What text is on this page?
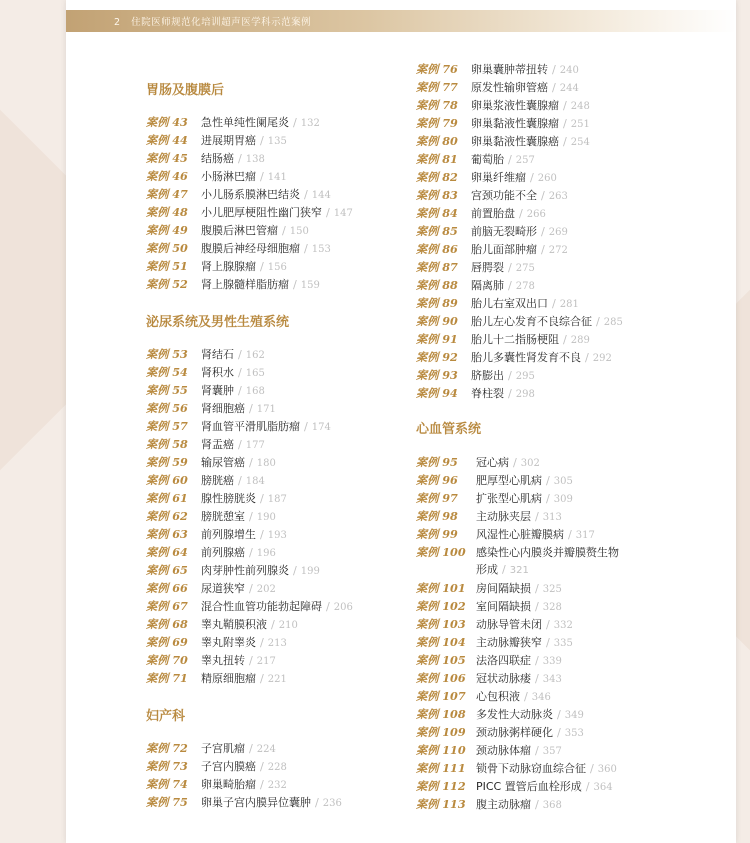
2 住院医师规范化培训超声医学科示范案例
胃肠及腹膜后
案例 43 急性单纯性阑尾炎 / 132
案例 44 进展期胃癌 / 135
案例 45 结肠癌 / 138
案例 46 小肠淋巴瘤 / 141
案例 47 小儿肠系膜淋巴结炎 / 144
案例 48 小儿肥厚梗阻性幽门狭窄 / 147
案例 49 腹膜后淋巴管瘤 / 150
案例 50 腹膜后神经母细胞瘤 / 153
案例 51 肾上腺腺瘤 / 156
案例 52 肾上腺髓样脂肪瘤 / 159
泌尿系统及男性生殖系统
案例 53 肾结石 / 162
案例 54 肾积水 / 165
案例 55 肾囊肿 / 168
案例 56 肾细胞癌 / 171
案例 57 肾血管平滑肌脂肪瘤 / 174
案例 58 肾盂癌 / 177
案例 59 输尿管癌 / 180
案例 60 膀胱癌 / 184
案例 61 腺性膀胱炎 / 187
案例 62 膀胱憩室 / 190
案例 63 前列腺增生 / 193
案例 64 前列腺癌 / 196
案例 65 肉芽肿性前列腺炎 / 199
案例 66 尿道狭窄 / 202
案例 67 混合性血管功能勃起障碍 / 206
案例 68 睾丸鞘膜积液 / 210
案例 69 睾丸附睾炎 / 213
案例 70 睾丸扭转 / 217
案例 71 精原细胞瘤 / 221
妇产科
案例 72 子宫肌瘤 / 224
案例 73 子宫内膜癌 / 228
案例 74 卵巢畸胎瘤 / 232
案例 75 卵巢子宫内膜异位囊肿 / 236
案例 76 卵巢囊肿蒂扭转 / 240
案例 77 原发性输卵管癌 / 244
案例 78 卵巢浆液性囊腺瘤 / 248
案例 79 卵巢黏液性囊腺瘤 / 251
案例 80 卵巢黏液性囊腺癌 / 254
案例 81 葡萄胎 / 257
案例 82 卵巢纤维瘤 / 260
案例 83 宫颈功能不全 / 263
案例 84 前置胎盘 / 266
案例 85 前脑无裂畸形 / 269
案例 86 胎儿面部肿瘤 / 272
案例 87 唇腭裂 / 275
案例 88 隔离肺 / 278
案例 89 胎儿右室双出口 / 281
案例 90 胎儿左心发育不良综合征 / 285
案例 91 胎儿十二指肠梗阻 / 289
案例 92 胎儿多囊性肾发育不良 / 292
案例 93 脐膨出 / 295
案例 94 脊柱裂 / 298
心血管系统
案例 95 冠心病 / 302
案例 96 肥厚型心肌病 / 305
案例 97 扩张型心肌病 / 309
案例 98 主动脉夹层 / 313
案例 99 风湿性心脏瓣膜病 / 317
案例 100 感染性心内膜炎并瓣膜赘生物
形成 / 321
案例 101 房间隔缺损 / 325
案例 102 室间隔缺损 / 328
案例 103 动脉导管未闭 / 332
案例 104 主动脉瓣狭窄 / 335
案例 105 法洛四联症 / 339
案例 106 冠状动脉瘘 / 343
案例 107 心包积液 / 346
案例 108 多发性大动脉炎 / 349
案例 109 颈动脉粥样硬化 / 353
案例 110 颈动脉体瘤 / 357
案例 111 锁骨下动脉窃血综合征 / 360
案例 112 PICC 置管后血栓形成 / 364
案例 113 腹主动脉瘤 / 368
